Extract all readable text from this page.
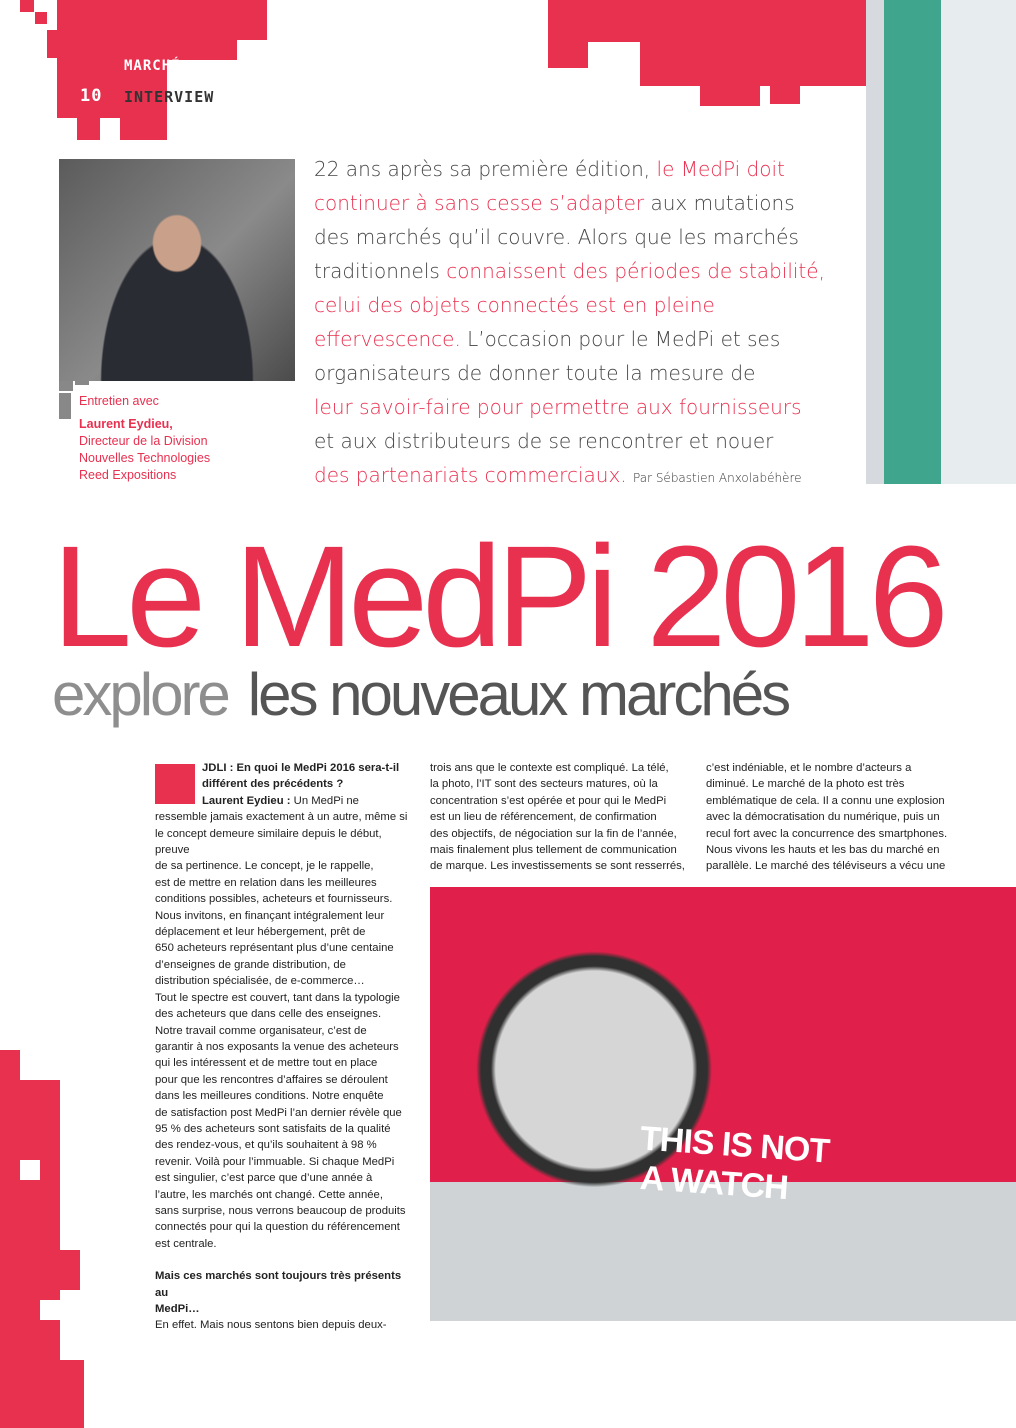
MARCHÉ
10 INTERVIEW
Entretien avec
Laurent Eydieu,
Directeur de la Division
Nouvelles Technologies
Reed Expositions
22 ans après sa première édition, le MedPi doit
continuer à sans cesse s’adapter aux mutations
des marchés qu’il couvre. Alors que les marchés
traditionnels connaissent des périodes de stabilité,
celui des objets connectés est en pleine
effervescence. L’occasion pour le MedPi et ses
organisateurs de donner toute la mesure de
leur savoir-faire pour permettre aux fournisseurs
et aux distributeurs de se rencontrer et nouer
des partenariats commerciaux. Par Sébastien Anxolabéhère
Le MedPi 2016
explore les nouveaux marchés

JDLI : En quoi le MedPi 2016 sera-t-il différent des précédents ?

Laurent Eydieu : Un MedPi ne

ressemble jamais exactement à un autre, même si

le concept demeure similaire depuis le début,

preuve

de sa pertinence. Le concept, je le rappelle,

est de mettre en relation dans les meilleures

conditions possibles, acheteurs et fournisseurs.

Nous invitons, en finançant intégralement leur

déplacement et leur hébergement, prêt de

650 acheteurs représentant plus d’une centaine

d’enseignes de grande distribution, de

distribution spécialisée, de e-commerce…

Tout le spectre est couvert, tant dans la typologie

des acheteurs que dans celle des enseignes.

Notre travail comme organisateur, c’est de

garantir à nos exposants la venue des acheteurs

qui les intéressent et de mettre tout en place

pour que les rencontres d’affaires se déroulent

dans les meilleures conditions. Notre enquête

de satisfaction post MedPi l’an dernier révèle que

95 % des acheteurs sont satisfaits de la qualité

des rendez-vous, et qu’ils souhaitent à 98 %

revenir. Voilà pour l’immuable. Si chaque MedPi

est singulier, c’est parce que d’une année à

l’autre, les marchés ont changé. Cette année,

sans surprise, nous verrons beaucoup de produits

connectés pour qui la question du référencement

est centrale.

Mais ces marchés sont toujours très présents au

MedPi…

En effet. Mais nous sentons bien depuis deux-

trois ans que le contexte est compliqué. La télé,

la photo, l’IT sont des secteurs matures, où la

concentration s’est opérée et pour qui le MedPi

est un lieu de référencement, de confirmation

des objectifs, de négociation sur la fin de l’année,

mais finalement plus tellement de communication

de marque. Les investissements se sont resserrés,

c’est indéniable, et le nombre d’acteurs a

diminué. Le marché de la photo est très

emblématique de cela. Il a connu une explosion

avec la démocratisation du numérique, puis un

recul fort avec la concurrence des smartphones.

Nous vivons les hauts et les bas du marché en

parallèle. Le marché des téléviseurs a vécu une

THIS IS NOT
A WATCH
